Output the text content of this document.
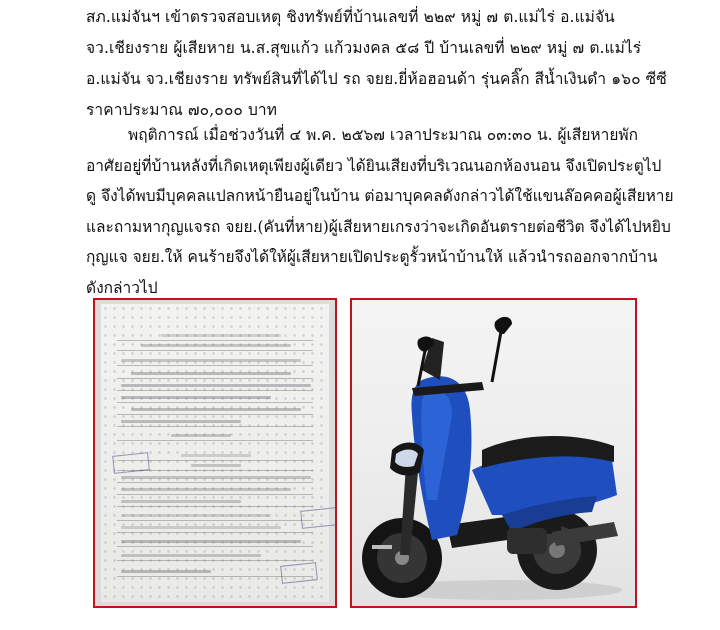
สภ.แม่จันฯ เข้าตรวจสอบเหตุ ชิงทรัพย์ที่บ้านเลขที่ ๒๒๙ หมู่ ๗ ต.แม่ไร่ อ.แม่จัน
จว.เชียงราย ผู้เสียหาย น.ส.สุขแก้ว แก้วมงคล ๕๘ ปี บ้านเลขที่ ๒๒๙ หมู่ ๗ ต.แม่ไร่
อ.แม่จัน จว.เชียงราย ทรัพย์สินที่ได้ไป รถ จยย.ยี่ห้อฮอนด้า รุ่นคลิ๊ก สีน้ำเงินดำ ๑๖๐ ซีซี
ราคาประมาณ ๗๐,๐๐๐ บาท
พฤติการณ์ เมื่อช่วงวันที่ ๔ พ.ค. ๒๕๖๗ เวลาประมาณ ๐๓:๓๐ น. ผู้เสียหายพัก
อาศัยอยู่ที่บ้านหลังที่เกิดเหตุเพียงผู้เดียว ได้ยินเสียงที่บริเวณนอกห้องนอน จึงเปิดประตูไป
ดู จึงได้พบมีบุคคลแปลกหน้ายืนอยู่ในบ้าน ต่อมาบุคคลดังกล่าวได้ใช้แขนล๊อคคอผู้เสียหาย
และถามหากุญแจรถ จยย.(คันที่หาย)ผู้เสียหายเกรงว่าจะเกิดอันตรายต่อชีวิต จึงได้ไปหยิบ
กุญแจ จยย.ให้ คนร้ายจึงได้ให้ผู้เสียหายเปิดประตูรั้วหน้าบ้านให้ แล้วนำรถออกจากบ้าน
ดังกล่าวไป
